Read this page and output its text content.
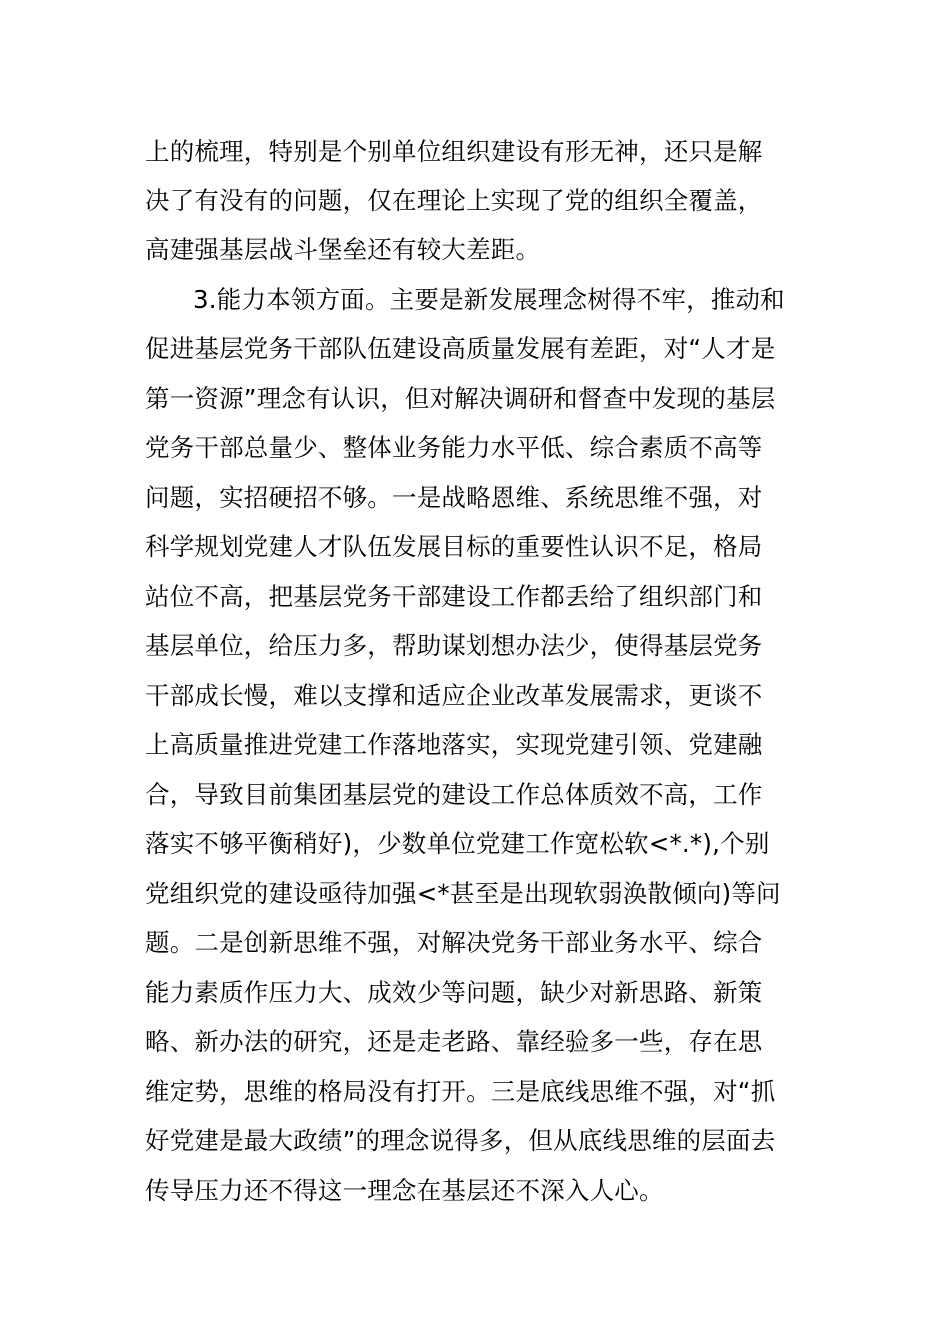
上的梳理，特别是个别单位组织建设有形无神，还只是解
决了有没有的问题，仅在理论上实现了党的组织全覆盖，
高建强基层战斗堡垒还有较大差距。
3.能力本领方面。主要是新发展理念树得不牢，推动和
促进基层党务干部队伍建设高质量发展有差距，对“人才是
第一资源”理念有认识，但对解决调研和督查中发现的基层
党务干部总量少、整体业务能力水平低、综合素质不高等
问题，实招硬招不够。一是战略恩维、系统思维不强，对
科学规划党建人才队伍发展目标的重要性认识不足，格局
站位不高，把基层党务干部建设工作都丢给了组织部门和
基层单位，给压力多，帮助谋划想办法少，使得基层党务
干部成长慢，难以支撑和适应企业改革发展需求，更谈不
上高质量推进党建工作落地落实，实现党建引领、党建融
合，导致目前集团基层党的建设工作总体质效不高，工作
落实不够平衡稍好)，少数单位党建工作宽松软<*.*),个别
党组织党的建设亟待加强<*甚至是出现软弱涣散倾向)等问
题。二是创新思维不强，对解决党务干部业务水平、综合
能力素质作压力大、成效少等问题，缺少对新思路、新策
略、新办法的研究，还是走老路、靠经验多一些，存在思
维定势，思维的格局没有打开。三是底线思维不强，对“抓
好党建是最大政绩”的理念说得多，但从底线思维的层面去
传导压力还不得这一理念在基层还不深入人心。
